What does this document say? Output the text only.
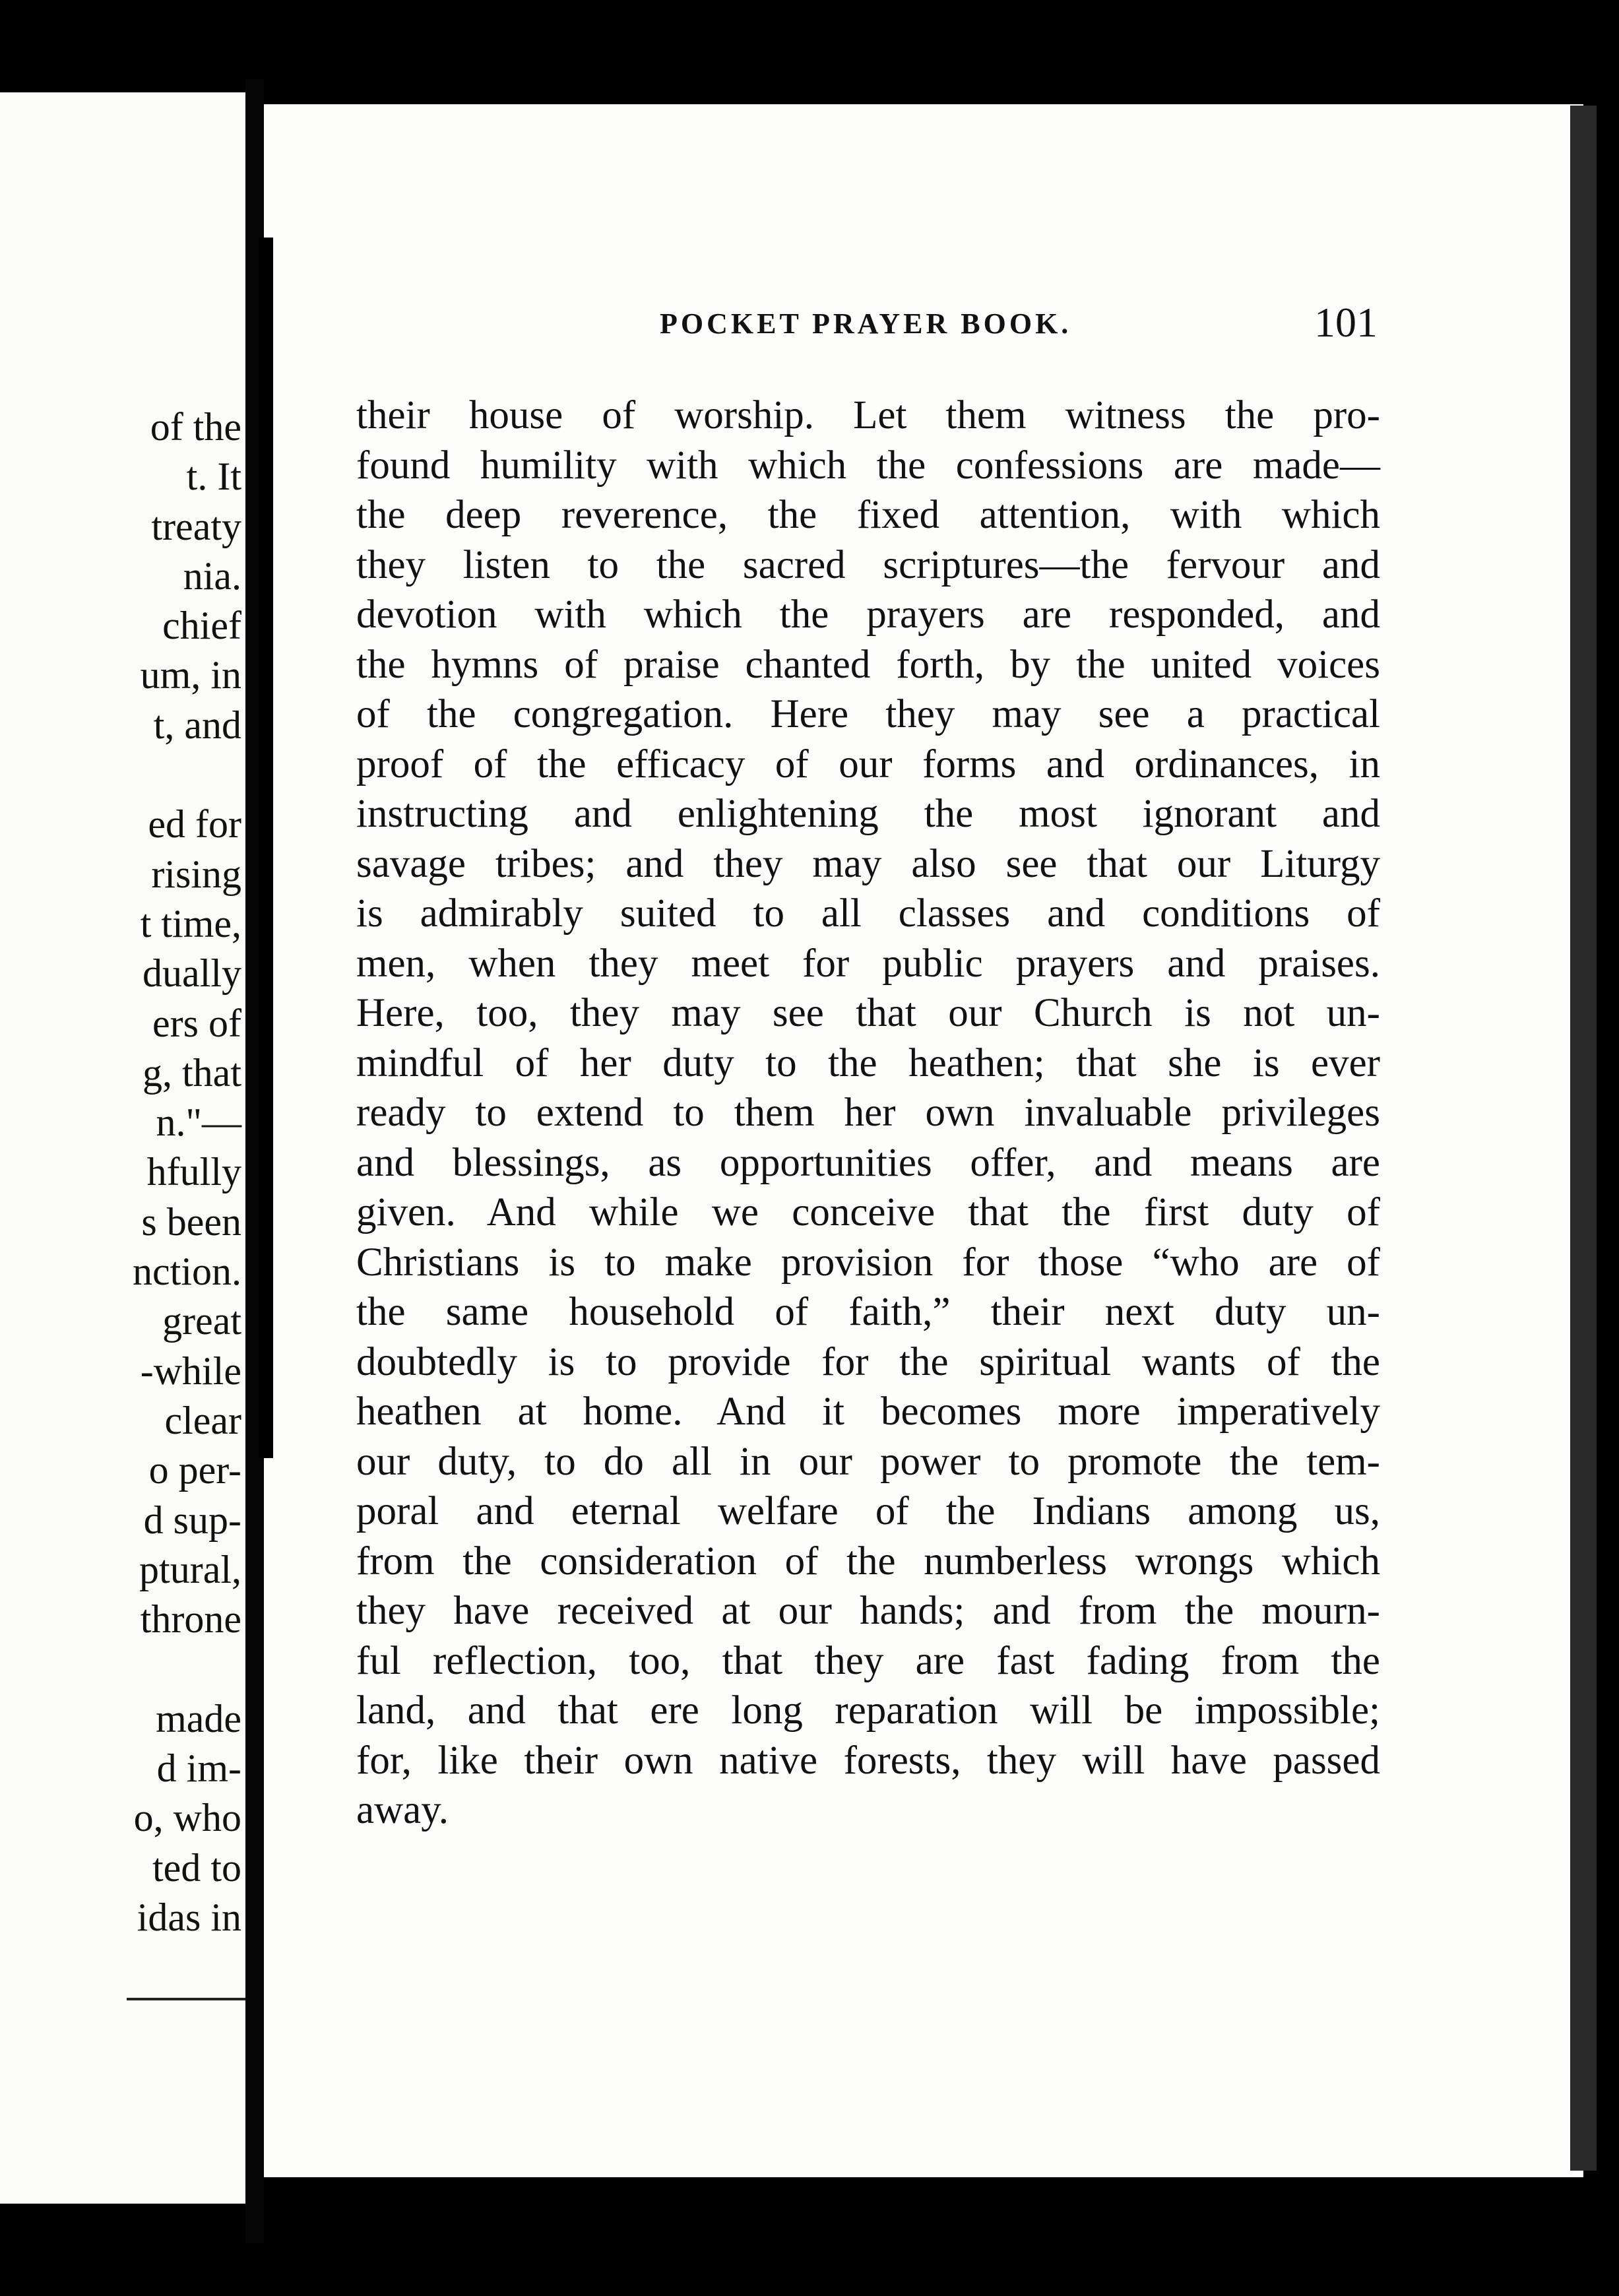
of the
t. It
treaty
nia.
chief
um, in
t, and

ed for
rising
t time,
dually
ers of
g, that
n."—
hfully
s been
nction.
great
-while
clear
o per-
d sup-
ptural,
throne

made
d im-
o, who
ted to
idas in
POCKET PRAYER BOOK.	101
their house of worship. Let them witness the pro-
found humility with which the confessions are made—
the deep reverence, the fixed attention, with which
they listen to the sacred scriptures—the fervour and
devotion with which the prayers are responded, and
the hymns of praise chanted forth, by the united voices
of the congregation. Here they may see a practical
proof of the efficacy of our forms and ordinances, in
instructing and enlightening the most ignorant and
savage tribes; and they may also see that our Liturgy
is admirably suited to all classes and conditions of
men, when they meet for public prayers and praises.
Here, too, they may see that our Church is not un-
mindful of her duty to the heathen; that she is ever
ready to extend to them her own invaluable privileges
and blessings, as opportunities offer, and means are
given. And while we conceive that the first duty of
Christians is to make provision for those “who are of
the same household of faith,” their next duty un-
doubtedly is to provide for the spiritual wants of the
heathen at home. And it becomes more imperatively
our duty, to do all in our power to promote the tem-
poral and eternal welfare of the Indians among us,
from the consideration of the numberless wrongs which
they have received at our hands; and from the mourn-
ful reflection, too, that they are fast fading from the
land, and that ere long reparation will be impossible;
for, like their own native forests, they will have passed
away.
